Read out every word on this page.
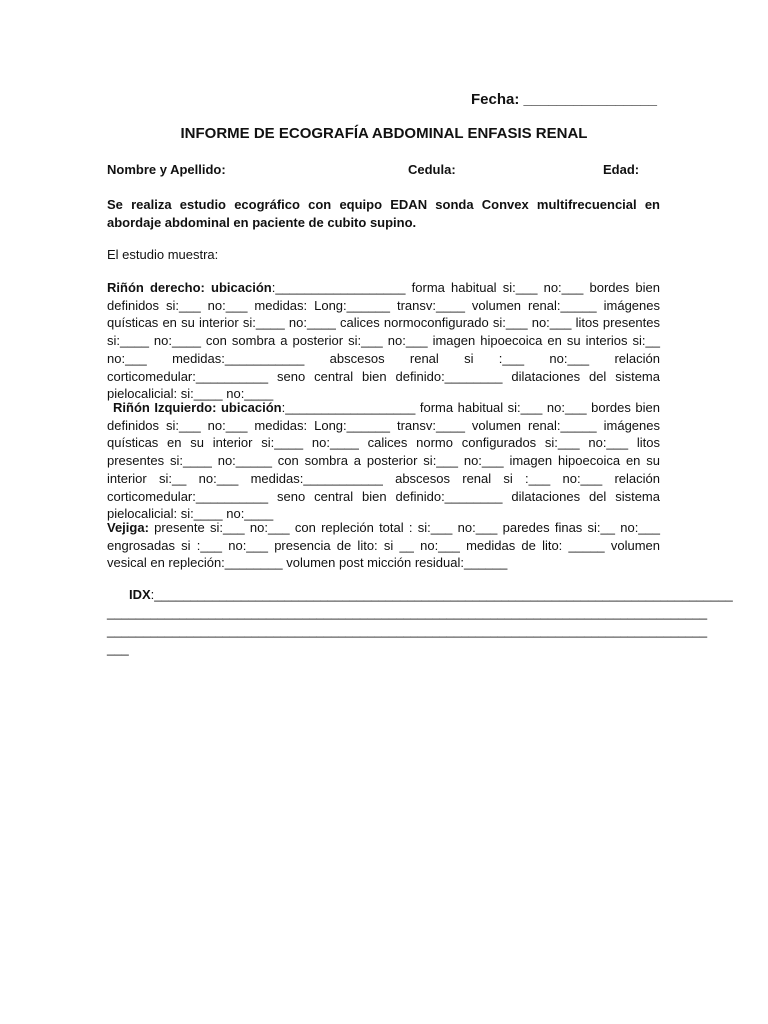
Fecha: ________________
INFORME DE ECOGRAFÍA ABDOMINAL ENFASIS RENAL
Nombre y Apellido:	Cedula:	Edad:
Se realiza estudio ecográfico con equipo EDAN sonda Convex multifrecuencial en abordaje abdominal en paciente de cubito supino.
El estudio muestra:
Riñón derecho: ubicación:__________________ forma habitual si:___ no:___ bordes bien definidos si:___ no:___ medidas: Long:______ transv:____ volumen renal:_____ imágenes quísticas en su interior si:____ no:____ calices normoconfigurado si:___ no:___ litos presentes si:____ no:____ con sombra a posterior si:___ no:___ imagen hipoecoica en su interios si:__ no:___ medidas:___________ abscesos renal si :___ no:___ relación corticomedular:__________ seno central bien definido:________ dilataciones del sistema pielocalicial: si:____ no:____
Riñón Izquierdo: ubicación:__________________ forma habitual si:___ no:___ bordes bien definidos si:___ no:___ medidas: Long:______ transv:____ volumen renal:_____ imágenes quísticas en su interior si:____ no:____ calices normo configurados si:___ no:___ litos presentes si:____ no:_____ con sombra a posterior si:___ no:___ imagen hipoecoica en su interior si:__ no:___ medidas:___________ abscesos renal si :___ no:___ relación corticomedular:__________ seno central bien definido:________ dilataciones del sistema pielocalicial: si:____ no:____
Vejiga: presente si:___ no:___ con repleción total : si:___ no:___ paredes finas si:__ no:___ engrosadas si :___ no:___ presencia de lito: si __ no:___ medidas de lito: _____ volumen vesical en repleción:________ volumen post micción residual:______
IDX:________________________________________________________________________________
___________________________________________________________________________________
___________________________________________________________________________________
___
